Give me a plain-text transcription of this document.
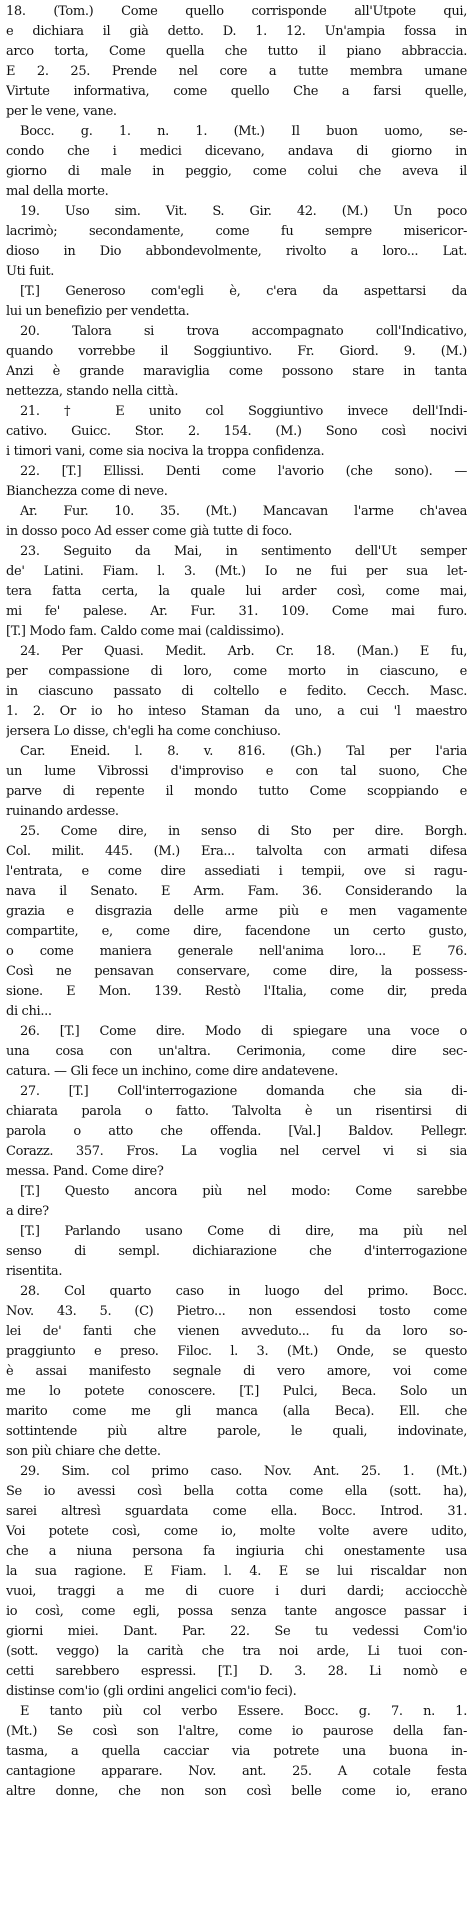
18. (Tom.) Come quello corrisponde all'Utpote qui,
e dichiara il già detto. D. 1. 12. Un'ampia fossa in
arco torta, Come quella che tutto il piano abbraccia.
E 2. 25. Prende nel core a tutte membra umane
Virtute informativa, come quello Che a farsi quelle,
per le vene, vane.
Bocc. g. 1. n. 1. (Mt.) Il buon uomo, se-
condo che i medici dicevano, andava di giorno in
giorno di male in peggio, come colui che aveva il
mal della morte.
19. Uso sim. Vit. S. Gir. 42. (M.) Un poco
lacrimò; secondamente, come fu sempre misericor-
dioso in Dio abbondevolmente, rivolto a loro... Lat.
Uti fuit.
[T.] Generoso com'egli è, c'era da aspettarsi da
lui un benefizio per vendetta.
20. Talora si trova accompagnato coll'Indicativo,
quando vorrebbe il Soggiuntivo. Fr. Giord. 9. (M.)
Anzi è grande maraviglia come possono stare in tanta
nettezza, stando nella città.
21. † E unito col Soggiuntivo invece dell'Indi-
cativo. Guicc. Stor. 2. 154. (M.) Sono così nocivi
i timori vani, come sia nociva la troppa confidenza.
22. [T.] Ellissi. Denti come l'avorio (che sono). —
Bianchezza come di neve.
Ar. Fur. 10. 35. (Mt.) Mancavan l'arme ch'avea
in dosso poco Ad esser come già tutte di foco.
23. Seguito da Mai, in sentimento dell'Ut semper
de' Latini. Fiam. l. 3. (Mt.) Io ne fui per sua let-
tera fatta certa, la quale lui arder così, come mai,
mi fe' palese. Ar. Fur. 31. 109. Come mai furo.
[T.] Modo fam. Caldo come mai (caldissimo).
24. Per Quasi. Medit. Arb. Cr. 18. (Man.) E fu,
per compassione di loro, come morto in ciascuno, e
in ciascuno passato di coltello e fedito. Cecch. Masc.
1. 2. Or io ho inteso Staman da uno, a cui 'l maestro
jersera Lo disse, ch'egli ha come conchiuso.
Car. Eneid. l. 8. v. 816. (Gh.) Tal per l'aria
un lume Vibrossi d'improviso e con tal suono, Che
parve di repente il mondo tutto Come scoppiando e
ruinando ardesse.
25. Come dire, in senso di Sto per dire. Borgh.
Col. milit. 445. (M.) Era... talvolta con armati difesa
l'entrata, e come dire assediati i tempii, ove si ragu-
nava il Senato. E Arm. Fam. 36. Considerando la
grazia e disgrazia delle arme più e men vagamente
compartite, e, come dire, facendone un certo gusto,
o come maniera generale nell'anima loro... E 76.
Così ne pensavan conservare, come dire, la possess-
sione. E Mon. 139. Restò l'Italia, come dir, preda
di chi...
26. [T.] Come dire. Modo di spiegare una voce o
una cosa con un'altra. Cerimonia, come dire sec-
catura. — Gli fece un inchino, come dire andatevene.
27. [T.] Coll'interrogazione domanda che sia di-
chiarata parola o fatto. Talvolta è un risentirsi di
parola o atto che offenda. [Val.] Baldov. Pellegr.
Corazz. 357. Fros. La voglia nel cervel vi si sia
messa. Pand. Come dire?
[T.] Questo ancora più nel modo: Come sarebbe
a dire?
[T.] Parlando usano Come di dire, ma più nel
senso di sempl. dichiarazione che d'interrogazione
risentita.
28. Col quarto caso in luogo del primo. Bocc.
Nov. 43. 5. (C) Pietro... non essendosi tosto come
lei de' fanti che vienen avveduto... fu da loro so-
praggiunto e preso. Filoc. l. 3. (Mt.) Onde, se questo
è assai manifesto segnale di vero amore, voi come
me lo potete conoscere. [T.] Pulci, Beca. Solo un
marito come me gli manca (alla Beca). Ell. che
sottintende più altre parole, le quali, indovinate,
son più chiare che dette.
29. Sim. col primo caso. Nov. Ant. 25. 1. (Mt.)
Se io avessi così bella cotta come ella (sott. ha),
sarei altresì sguardata come ella. Bocc. Introd. 31.
Voi potete così, come io, molte volte avere udito,
che a niuna persona fa ingiuria chi onestamente usa
la sua ragione. E Fiam. l. 4. E se lui riscaldar non
vuoi, traggi a me di cuore i duri dardi; acciocchè
io così, come egli, possa senza tante angosce passar i
giorni miei. Dant. Par. 22. Se tu vedessi Com'io
(sott. veggo) la carità che tra noi arde, Li tuoi con-
cetti sarebbero espressi. [T.] D. 3. 28. Li nomò e
distinse com'io (gli ordini angelici com'io feci).
E tanto più col verbo Essere. Bocc. g. 7. n. 1.
(Mt.) Se così son l'altre, come io paurose della fan-
tasma, a quella cacciar via potrete una buona in-
cantagione apparare. Nov. ant. 25. A cotale festa
altre donne, che non son così belle come io, erano
